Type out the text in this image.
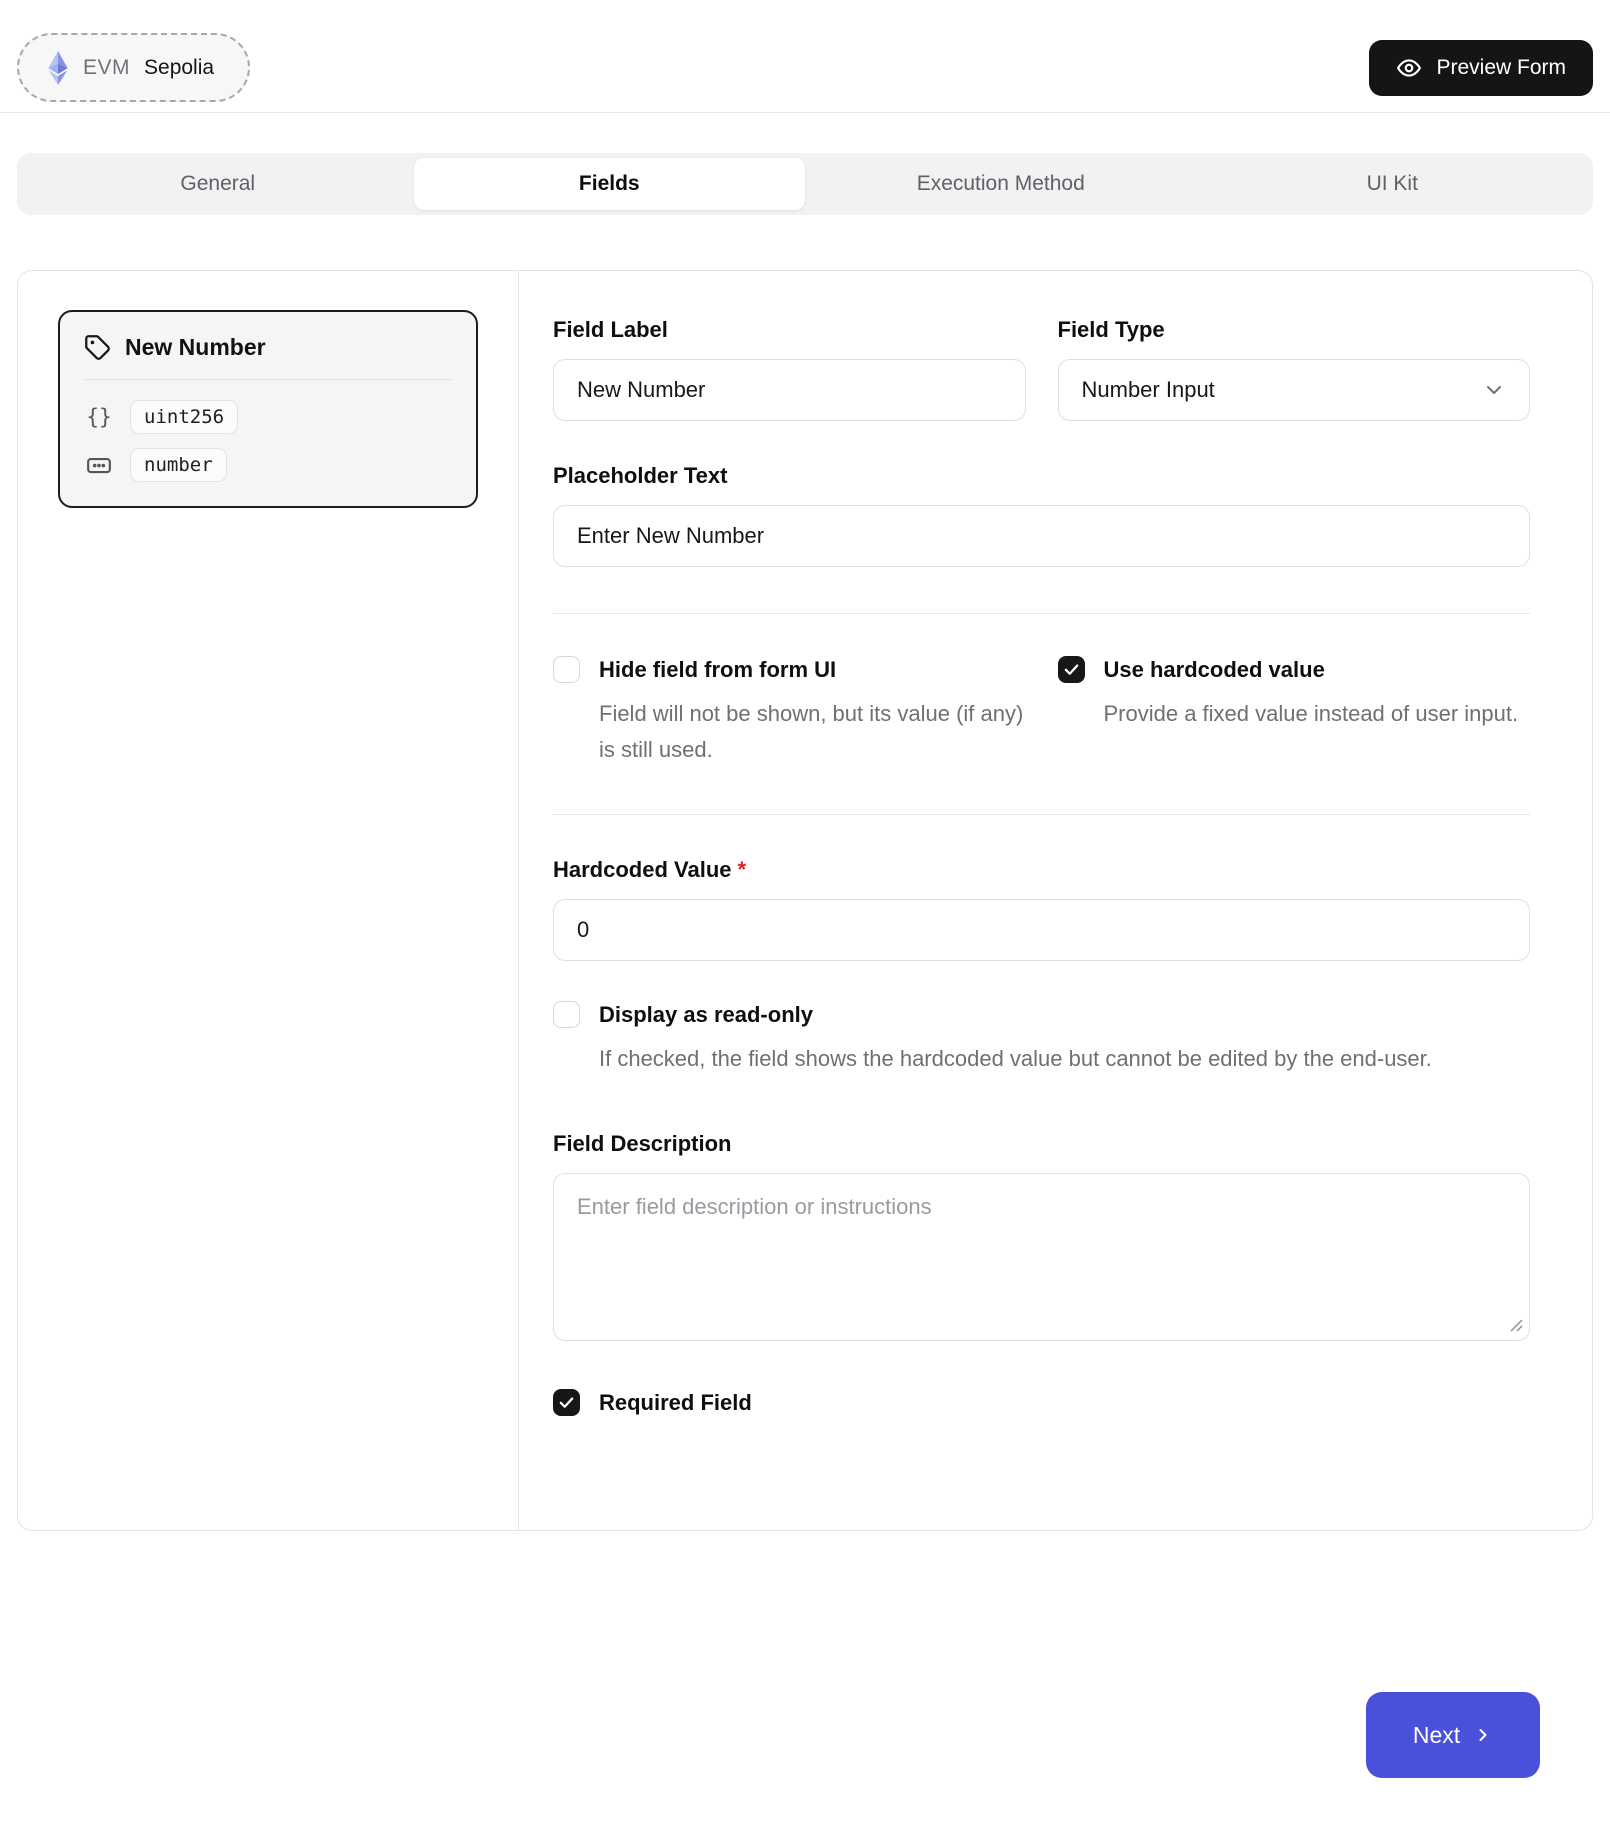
EVM Sepolia	Preview Form
General	Fields	Execution Method	UI Kit
New Number
{}	uint256
number
Field Label
New Number	Field Type
Number Input
Placeholder Text
Enter New Number
Hide field from form UI
Field will not be shown, but its value (if any) is still used.
Use hardcoded value
Provide a fixed value instead of user input.
Hardcoded Value *
0
Display as read-only
If checked, the field shows the hardcoded value but cannot be edited by the end-user.
Field Description
Enter field description or instructions
Required Field
Next
